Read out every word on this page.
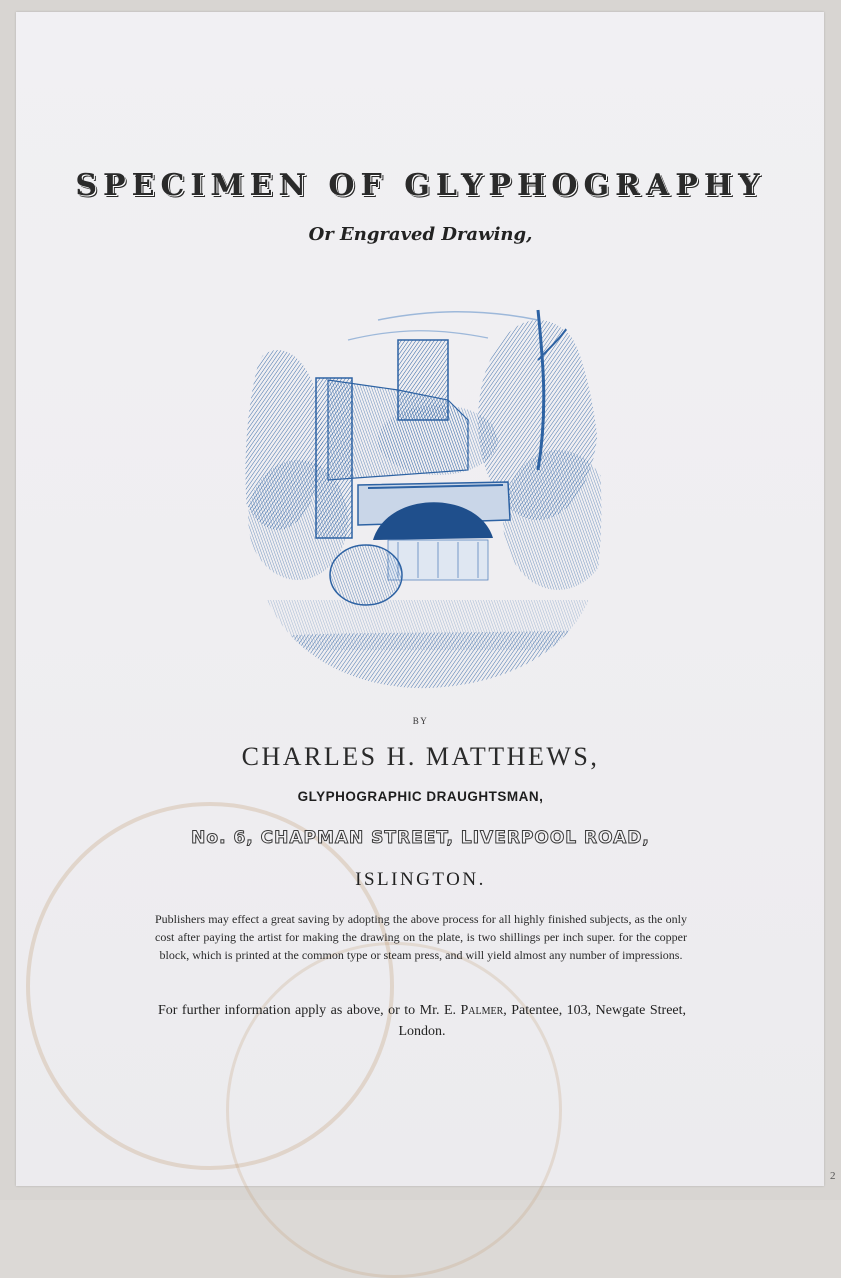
SPECIMEN OF GLYPHOGRAPHY
Or Engraved Drawing,
BY
CHARLES H. MATTHEWS,
GLYPHOGRAPHIC DRAUGHTSMAN,
No. 6, CHAPMAN STREET, LIVERPOOL ROAD,
ISLINGTON.
Publishers may effect a great saving by adopting the above process for all highly finished subjects, as the only cost after paying the artist for making the drawing on the plate, is two shillings per inch super. for the copper block, which is printed at the common type or steam press, and will yield almost any number of impressions.
For further information apply as above, or to Mr. E. Palmer, Patentee, 103, Newgate Street, London.
2
